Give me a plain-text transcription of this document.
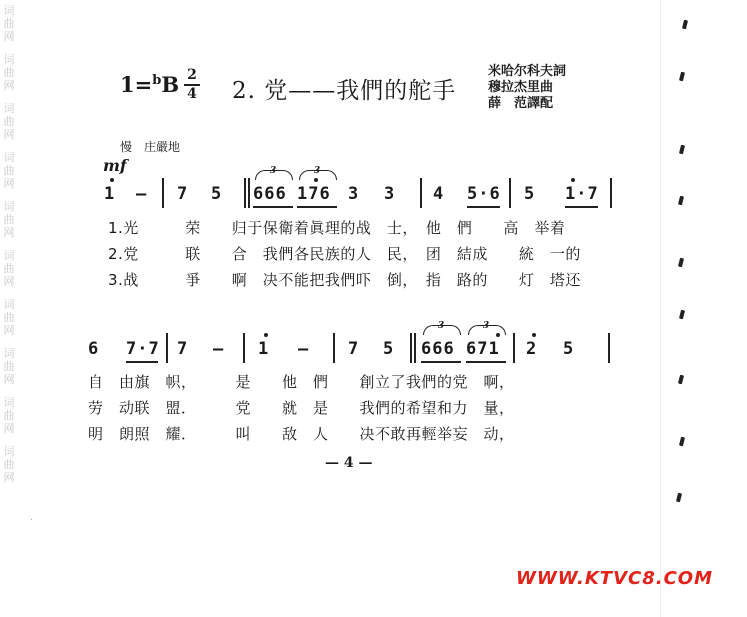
词
曲
网
词
曲
网
词
曲
网
词
曲
网
词
曲
网
词
曲
网
词
曲
网
词
曲
网
词
曲
网
词
曲
网
1=$^b$B 2
4 2. 党——我們的舵手
米哈尔科夫詞
穆拉杰里曲
薛　范譯配
慢　庄嚴地
mf
1 – 7 5
3
666
3
176 3 3 4 5·6 5 1·7
1.光　　　荣　　归于保衛着眞理的战　士，　他　們　　高　举着
2.党　　　联　　合　我們各民族的人　民，　团　結成　　統　一的
3.战　　　爭　　啊　决不能把我們吓　倒，　指　路的　　灯　塔还
6 7·7 7 – 1 – 7 5
3
666
3
671 2 5
自　由旗　帜，　　　是　　他　們　　創立了我們的党　啊，
劳　动联　盟．　　　党　　就　是　　我們的希望和力　量，
明　朗照　耀．　　　叫　　敌　人　　决不敢再輕举妄　动，
— 4 —
·
WWW.KTVC8.COM
